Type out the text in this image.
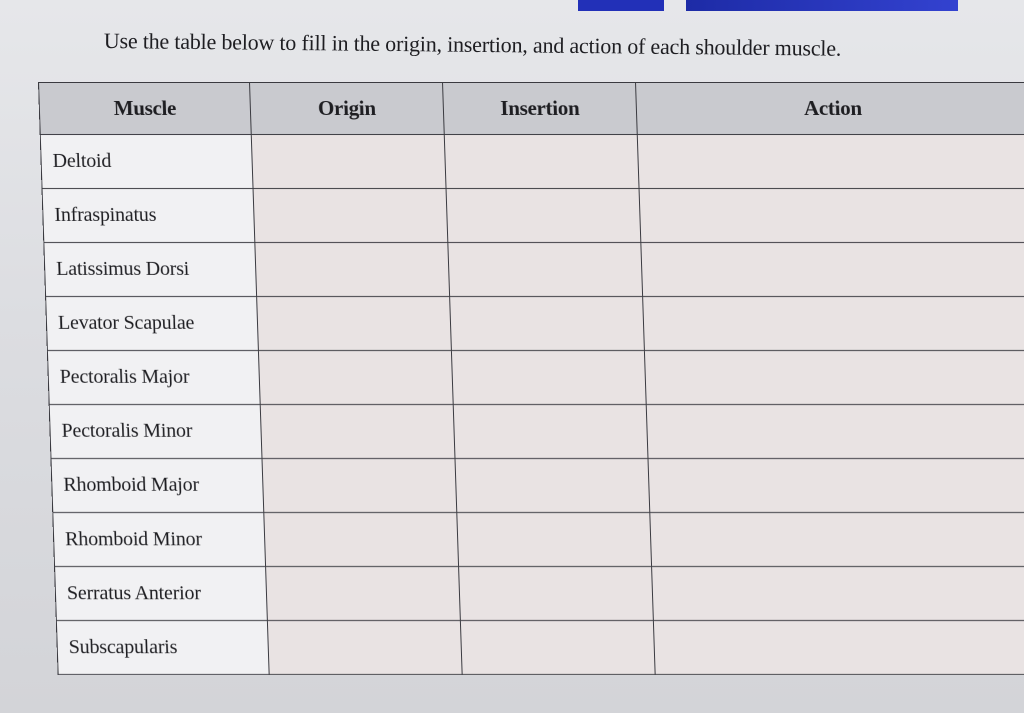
Use the table below to fill in the origin, insertion, and action of each shoulder muscle.
Muscle	Origin	Insertion	Action
Deltoid			
Infraspinatus			
Latissimus Dorsi			
Levator Scapulae			
Pectoralis Major			
Pectoralis Minor			
Rhomboid Major			
Rhomboid Minor			
Serratus Anterior			
Subscapularis			
